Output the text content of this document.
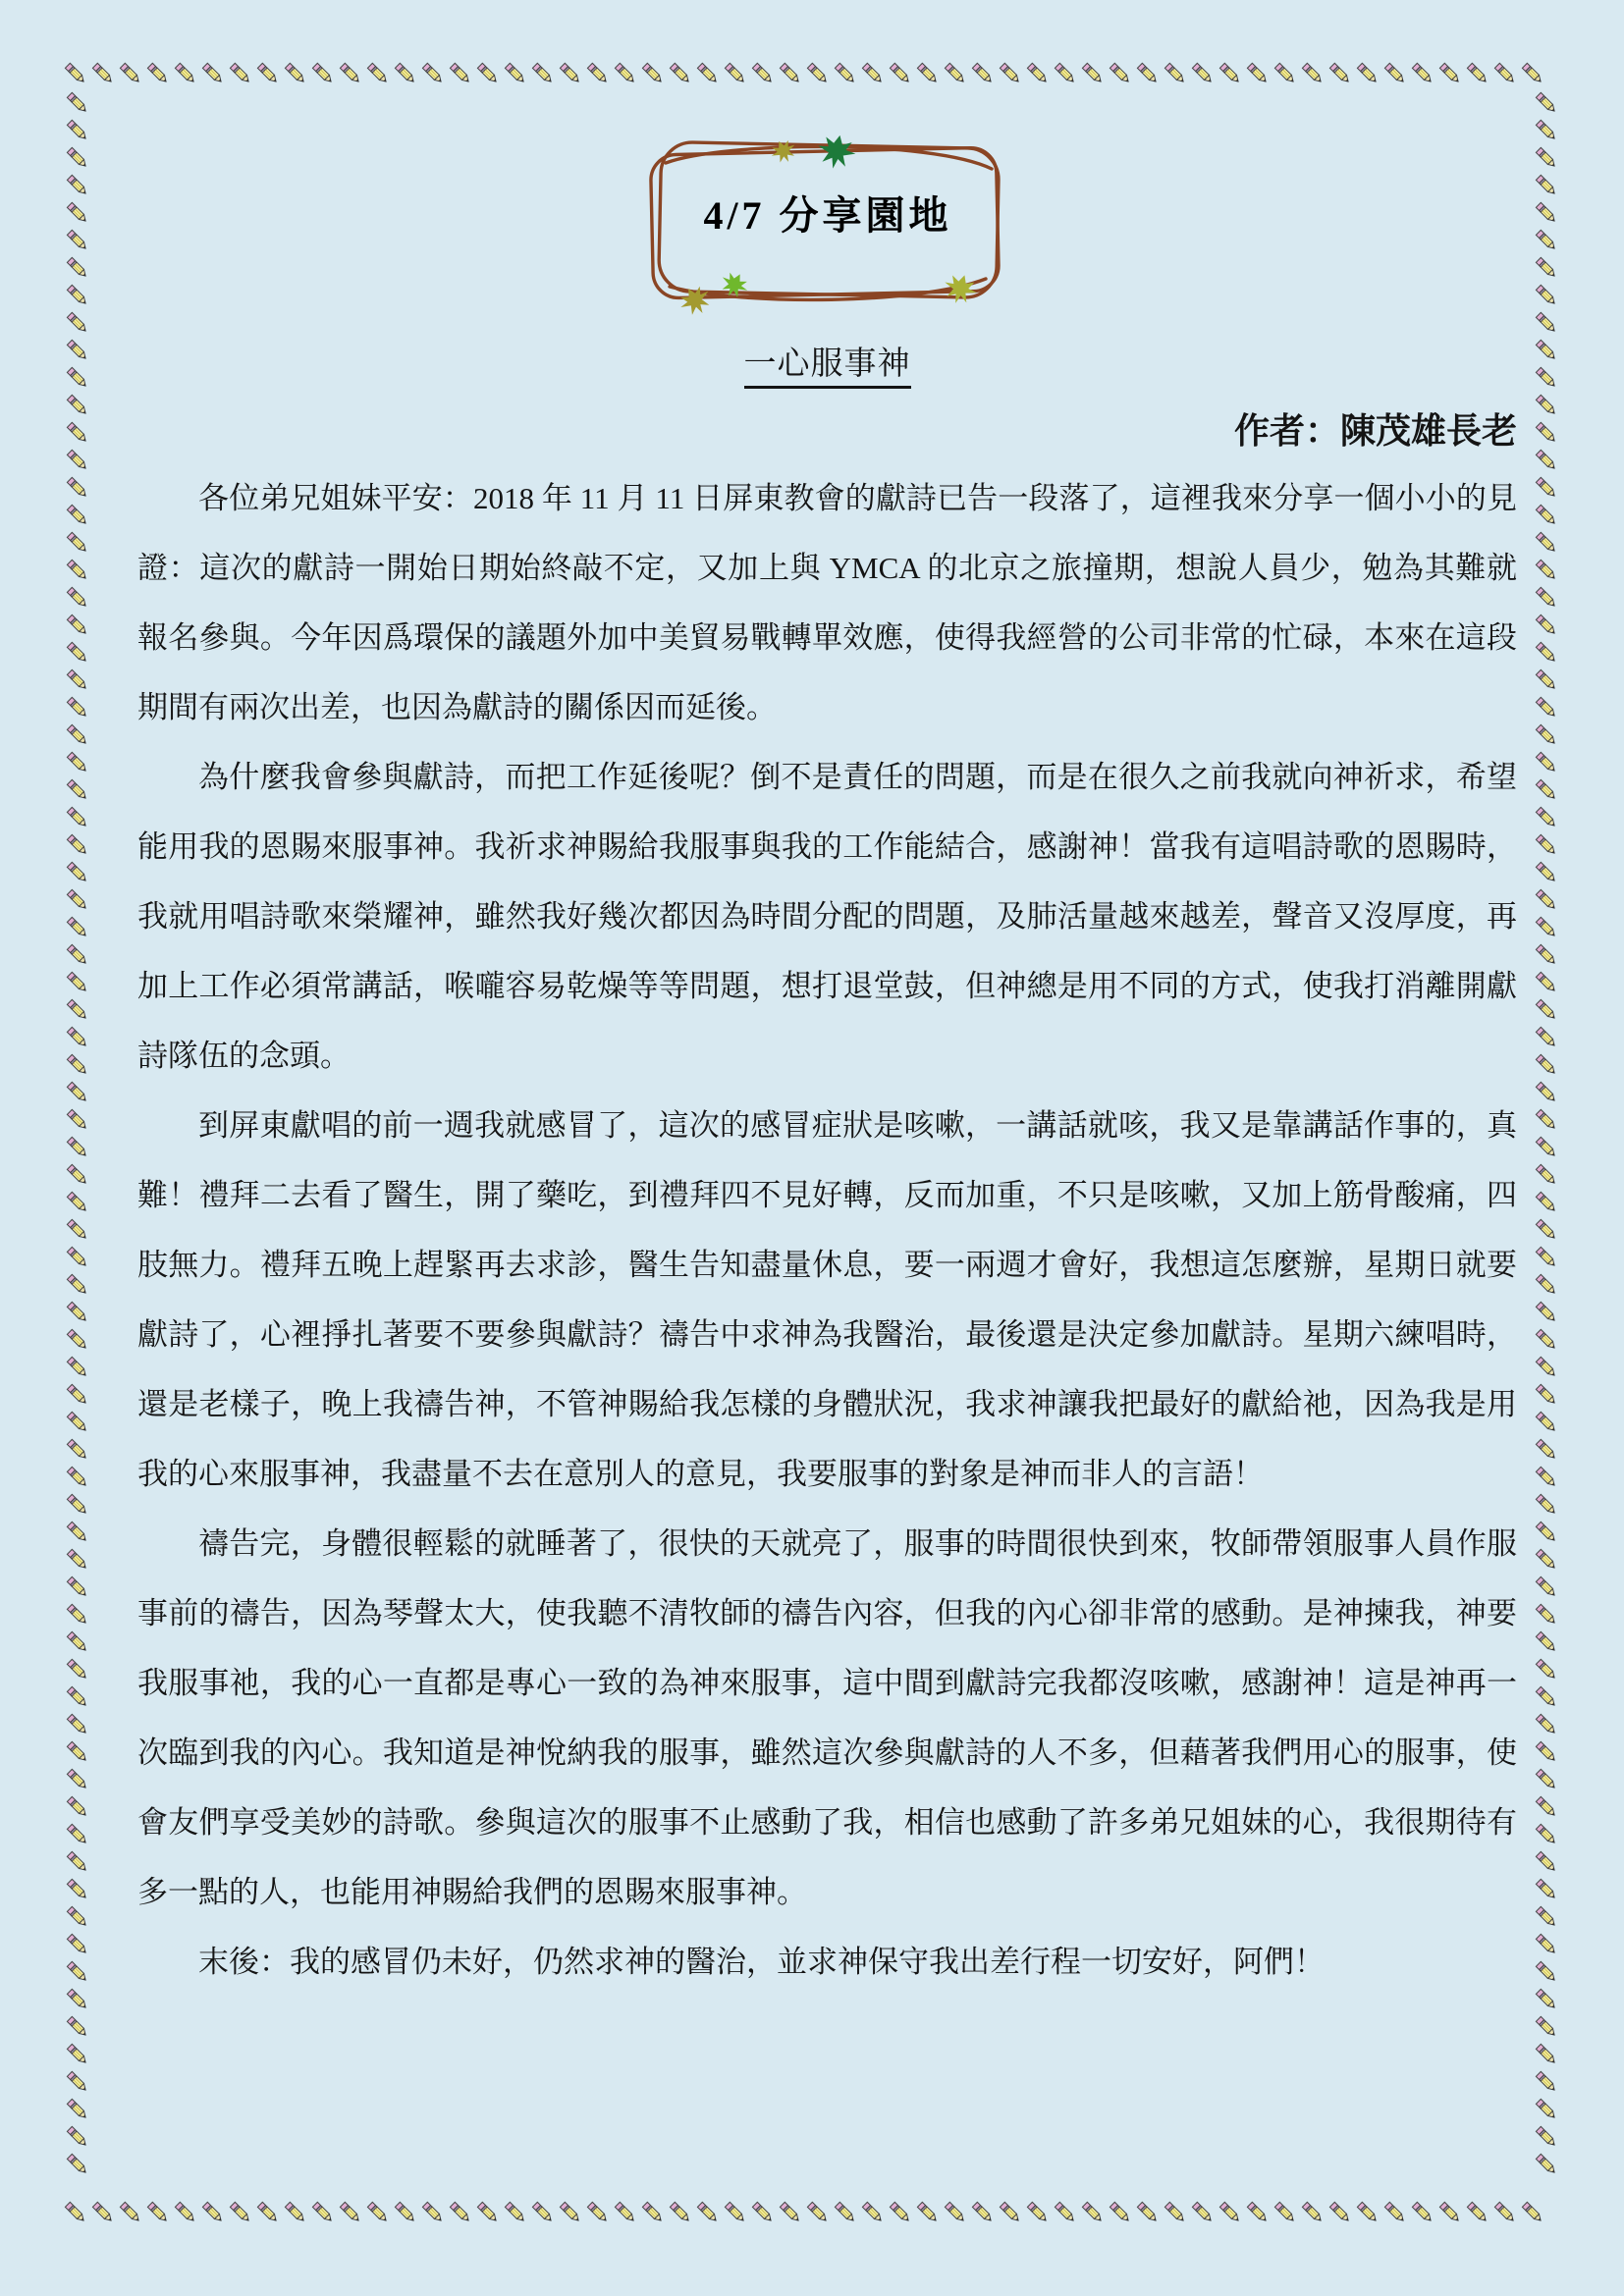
4/7 分享園地
一心服事神
作者：陳茂雄長老

各位弟兄姐妹平安：2018 年 11 月 11 日屏東教會的獻詩已告一段落了，這裡我來分享一個小小的見證：這次的獻詩一開始日期始終敲不定，又加上與 YMCA 的北京之旅撞期，想說人員少，勉為其難就報名參與。今年因爲環保的議題外加中美貿易戰轉單效應，使得我經營的公司非常的忙碌，本來在這段期間有兩次出差，也因為獻詩的關係因而延後。

為什麼我會參與獻詩，而把工作延後呢？倒不是責任的問題，而是在很久之前我就向神祈求，希望能用我的恩賜來服事神。我祈求神賜給我服事與我的工作能結合，感謝神！當我有這唱詩歌的恩賜時，我就用唱詩歌來榮耀神，雖然我好幾次都因為時間分配的問題，及肺活量越來越差，聲音又沒厚度，再加上工作必須常講話，喉嚨容易乾燥等等問題，想打退堂鼓，但神總是用不同的方式，使我打消離開獻詩隊伍的念頭。

到屏東獻唱的前一週我就感冒了，這次的感冒症狀是咳嗽，一講話就咳，我又是靠講話作事的，真難！禮拜二去看了醫生，開了藥吃，到禮拜四不見好轉，反而加重，不只是咳嗽，又加上筋骨酸痛，四肢無力。禮拜五晚上趕緊再去求診，醫生告知盡量休息，要一兩週才會好，我想這怎麼辦，星期日就要獻詩了，心裡掙扎著要不要參與獻詩？禱告中求神為我醫治，最後還是決定參加獻詩。星期六練唱時，還是老樣子，晚上我禱告神，不管神賜給我怎樣的身體狀況，我求神讓我把最好的獻給祂，因為我是用我的心來服事神，我盡量不去在意別人的意見，我要服事的對象是神而非人的言語！

禱告完，身體很輕鬆的就睡著了，很快的天就亮了，服事的時間很快到來，牧師帶領服事人員作服事前的禱告，因為琴聲太大，使我聽不清牧師的禱告內容，但我的內心卻非常的感動。是神揀我，神要我服事祂，我的心一直都是專心一致的為神來服事，這中間到獻詩完我都沒咳嗽，感謝神！這是神再一次臨到我的內心。我知道是神悅納我的服事，雖然這次參與獻詩的人不多，但藉著我們用心的服事，使會友們享受美妙的詩歌。參與這次的服事不止感動了我，相信也感動了許多弟兄姐妹的心，我很期待有多一點的人，也能用神賜給我們的恩賜來服事神。

末後：我的感冒仍未好，仍然求神的醫治，並求神保守我出差行程一切安好，阿們！
